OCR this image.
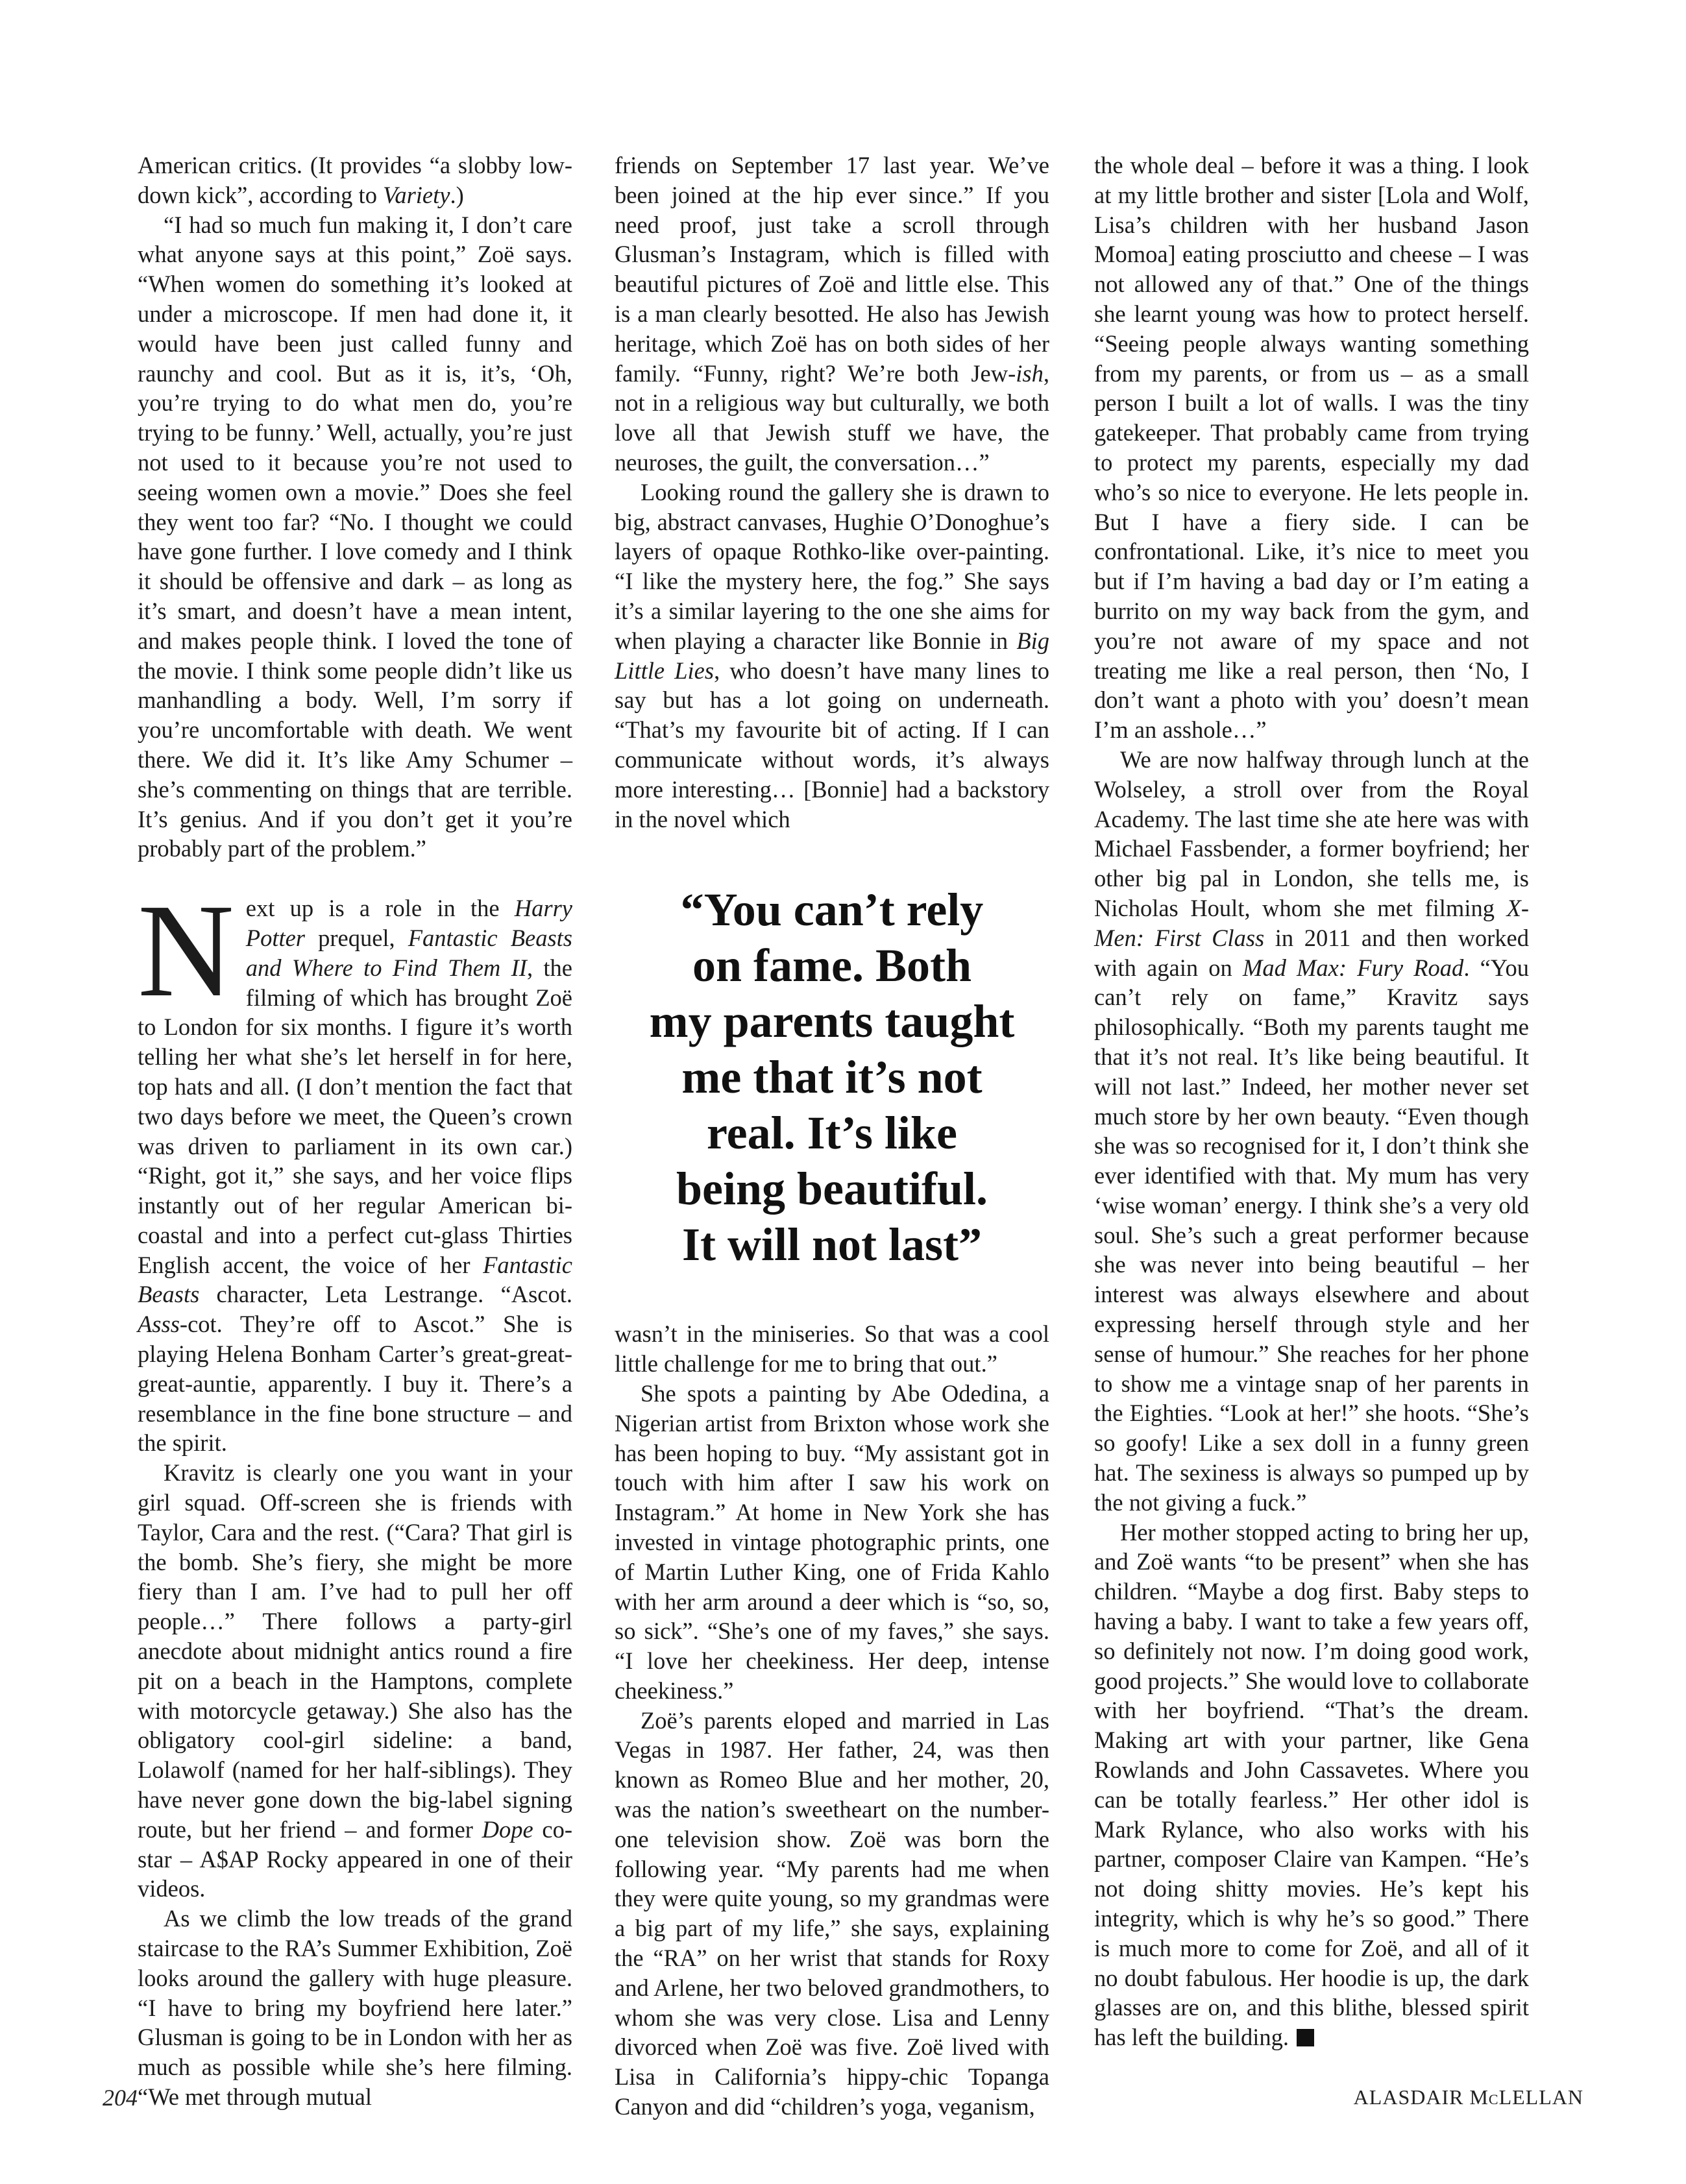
American critics. (It provides “a slobby low-down kick”, according to Variety.)

“I had so much fun making it, I don’t care what anyone says at this point,” Zoë says. “When women do something it’s looked at under a microscope. If men had done it, it would have been just called funny and raunchy and cool. But as it is, it’s, ‘Oh, you’re trying to do what men do, you’re trying to be funny.’ Well, actually, you’re just not used to it because you’re not used to seeing women own a movie.” Does she feel they went too far? “No. I thought we could have gone further. I love comedy and I think it should be offensive and dark – as long as it’s smart, and doesn’t have a mean intent, and makes people think. I loved the tone of the movie. I think some people didn’t like us manhandling a body. Well, I’m sorry if you’re uncomfortable with death. We went there. We did it. It’s like Amy Schumer – she’s commenting on things that are terrible. It’s genius. And if you don’t get it you’re probably part of the problem.”

Next up is a role in the Harry Potter prequel, Fantastic Beasts and Where to Find Them II, the filming of which has brought Zoë to London for six months. I figure it’s worth telling her what she’s let herself in for here, top hats and all. (I don’t mention the fact that two days before we meet, the Queen’s crown was driven to parliament in its own car.) “Right, got it,” she says, and her voice flips instantly out of her regular American bi-coastal and into a perfect cut-glass Thirties English accent, the voice of her Fantastic Beasts character, Leta Lestrange. “Ascot. Asss-cot. They’re off to Ascot.” She is playing Helena Bonham Carter’s great-great-great-auntie, apparently. I buy it. There’s a resemblance in the fine bone structure – and the spirit.

Kravitz is clearly one you want in your girl squad. Off-screen she is friends with Taylor, Cara and the rest. (“Cara? That girl is the bomb. She’s fiery, she might be more fiery than I am. I’ve had to pull her off people…” There follows a party-girl anecdote about midnight antics round a fire pit on a beach in the Hamptons, complete with motorcycle getaway.) She also has the obligatory cool-girl sideline: a band, Lolawolf (named for her half-siblings). They have never gone down the big-label signing route, but her friend – and former Dope co-star – A$AP Rocky appeared in one of their videos.

As we climb the low treads of the grand staircase to the RA’s Summer Exhibition, Zoë looks around the gallery with huge pleasure. “I have to bring my boyfriend here later.” Glusman is going to be in London with her as much as possible while she’s here filming. “We met through mutual

friends on September 17 last year. We’ve been joined at the hip ever since.” If you need proof, just take a scroll through Glusman’s Instagram, which is filled with beautiful pictures of Zoë and little else. This is a man clearly besotted. He also has Jewish heritage, which Zoë has on both sides of her family. “Funny, right? We’re both Jew-ish, not in a religious way but culturally, we both love all that Jewish stuff we have, the neuroses, the guilt, the conversation…”

Looking round the gallery she is drawn to big, abstract canvases, Hughie O’Donoghue’s layers of opaque Rothko-like over-painting. “I like the mystery here, the fog.” She says it’s a similar layering to the one she aims for when playing a character like Bonnie in Big Little Lies, who doesn’t have many lines to say but has a lot going on underneath. “That’s my favourite bit of acting. If I can communicate without words, it’s always more interesting… [Bonnie] had a backstory in the novel which

“You can’t rely
on fame. Both
my parents taught
me that it’s not
real. It’s like
being beautiful.
It will not last”

wasn’t in the miniseries. So that was a cool little challenge for me to bring that out.”

She spots a painting by Abe Odedina, a Nigerian artist from Brixton whose work she has been hoping to buy. “My assistant got in touch with him after I saw his work on Instagram.” At home in New York she has invested in vintage photographic prints, one of Martin Luther King, one of Frida Kahlo with her arm around a deer which is “so, so, so sick”. “She’s one of my faves,” she says. “I love her cheekiness. Her deep, intense cheekiness.”

Zoë’s parents eloped and married in Las Vegas in 1987. Her father, 24, was then known as Romeo Blue and her mother, 20, was the nation’s sweetheart on the number-one television show. Zoë was born the following year. “My parents had me when they were quite young, so my grandmas were a big part of my life,” she says, explaining the “RA” on her wrist that stands for Roxy and Arlene, her two beloved grandmothers, to whom she was very close. Lisa and Lenny divorced when Zoë was five. Zoë lived with Lisa in California’s hippy-chic Topanga Canyon and did “children’s yoga, veganism,

the whole deal – before it was a thing. I look at my little brother and sister [Lola and Wolf, Lisa’s children with her husband Jason Momoa] eating prosciutto and cheese – I was not allowed any of that.” One of the things she learnt young was how to protect herself. “Seeing people always wanting something from my parents, or from us – as a small person I built a lot of walls. I was the tiny gatekeeper. That probably came from trying to protect my parents, especially my dad who’s so nice to everyone. He lets people in. But I have a fiery side. I can be confrontational. Like, it’s nice to meet you but if I’m having a bad day or I’m eating a burrito on my way back from the gym, and you’re not aware of my space and not treating me like a real person, then ‘No, I don’t want a photo with you’ doesn’t mean I’m an asshole…”

We are now halfway through lunch at the Wolseley, a stroll over from the Royal Academy. The last time she ate here was with Michael Fassbender, a former boyfriend; her other big pal in London, she tells me, is Nicholas Hoult, whom she met filming X-Men: First Class in 2011 and then worked with again on Mad Max: Fury Road. “You can’t rely on fame,” Kravitz says philosophically. “Both my parents taught me that it’s not real. It’s like being beautiful. It will not last.” Indeed, her mother never set much store by her own beauty. “Even though she was so recognised for it, I don’t think she ever identified with that. My mum has very ‘wise woman’ energy. I think she’s a very old soul. She’s such a great performer because she was never into being beautiful – her interest was always elsewhere and about expressing herself through style and her sense of humour.” She reaches for her phone to show me a vintage snap of her parents in the Eighties. “Look at her!” she hoots. “She’s so goofy! Like a sex doll in a funny green hat. The sexiness is always so pumped up by the not giving a fuck.”

Her mother stopped acting to bring her up, and Zoë wants “to be present” when she has children. “Maybe a dog first. Baby steps to having a baby. I want to take a few years off, so definitely not now. I’m doing good work, good projects.” She would love to collaborate with her boyfriend. “That’s the dream. Making art with your partner, like Gena Rowlands and John Cassavetes. Where you can be totally fearless.” Her other idol is Mark Rylance, who also works with his partner, composer Claire van Kampen. “He’s not doing shitty movies. He’s kept his integrity, which is why he’s so good.” There is much more to come for Zoë, and all of it no doubt fabulous. Her hoodie is up, the dark glasses are on, and this blithe, blessed spirit has left the building.

204	ALASDAIR McLELLAN
